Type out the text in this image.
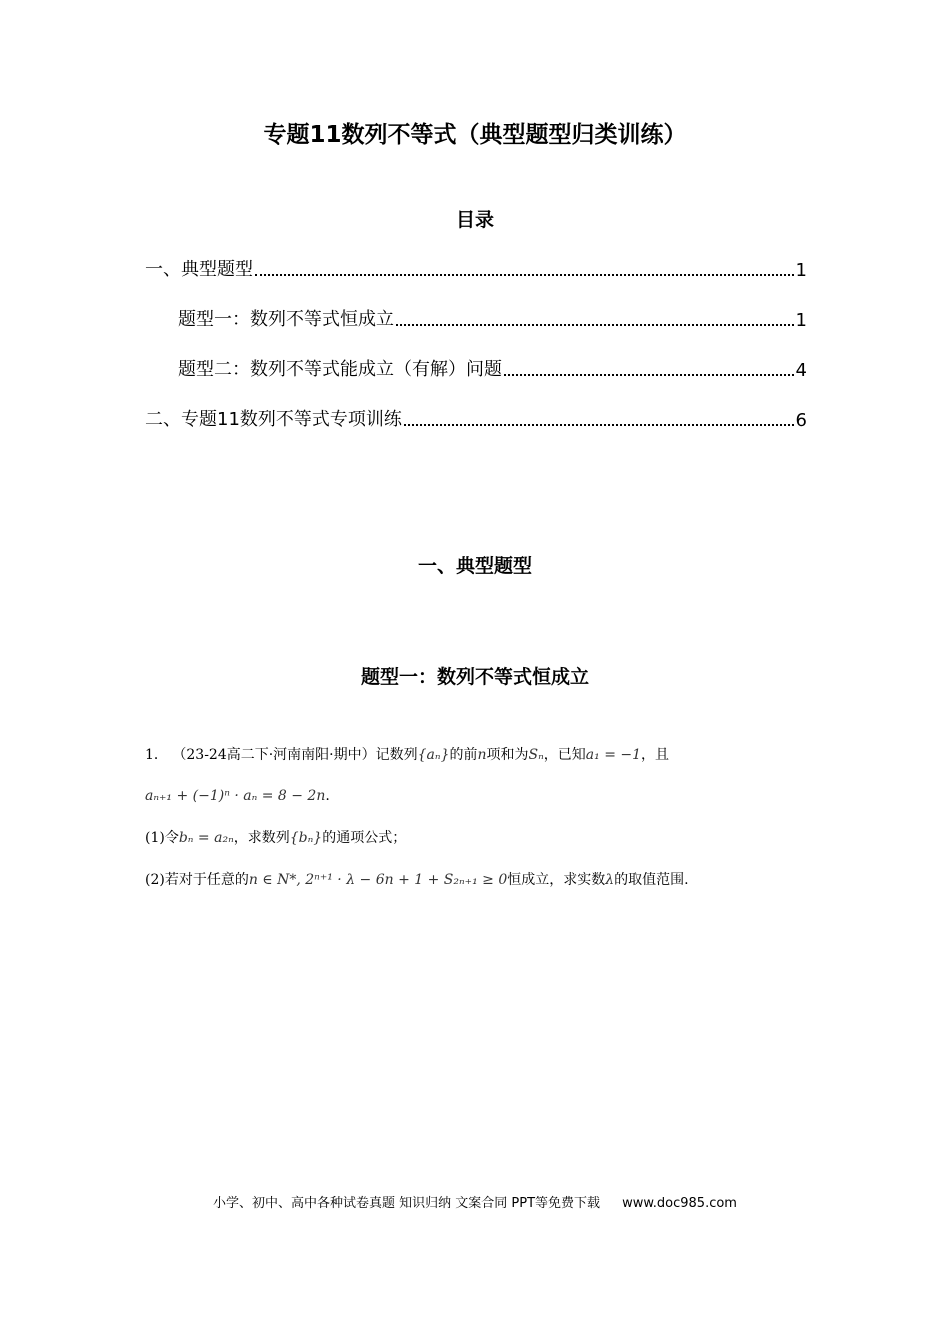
专题11数列不等式（典型题型归类训练）
目录
一、典型题型	1
题型一：数列不等式恒成立	1
题型二：数列不等式能成立（有解）问题	4
二、专题11数列不等式专项训练	6
一、典型题型
题型一：数列不等式恒成立
1． （23-24高二下·河南南阳·期中）记数列{aₙ}的前n项和为Sₙ，已知a₁ = −1，且
aₙ₊₁ + (−1)ⁿ · aₙ = 8 − 2n.
(1)令bₙ = a₂ₙ，求数列{bₙ}的通项公式；
(2)若对于任意的n ∈ N*, 2ⁿ⁺¹ · λ − 6n + 1 + S₂ₙ₊₁ ≥ 0恒成立，求实数λ的取值范围.
小学、初中、高中各种试卷真题 知识归纳 文案合同 PPT等免费下载 www.doc985.com
